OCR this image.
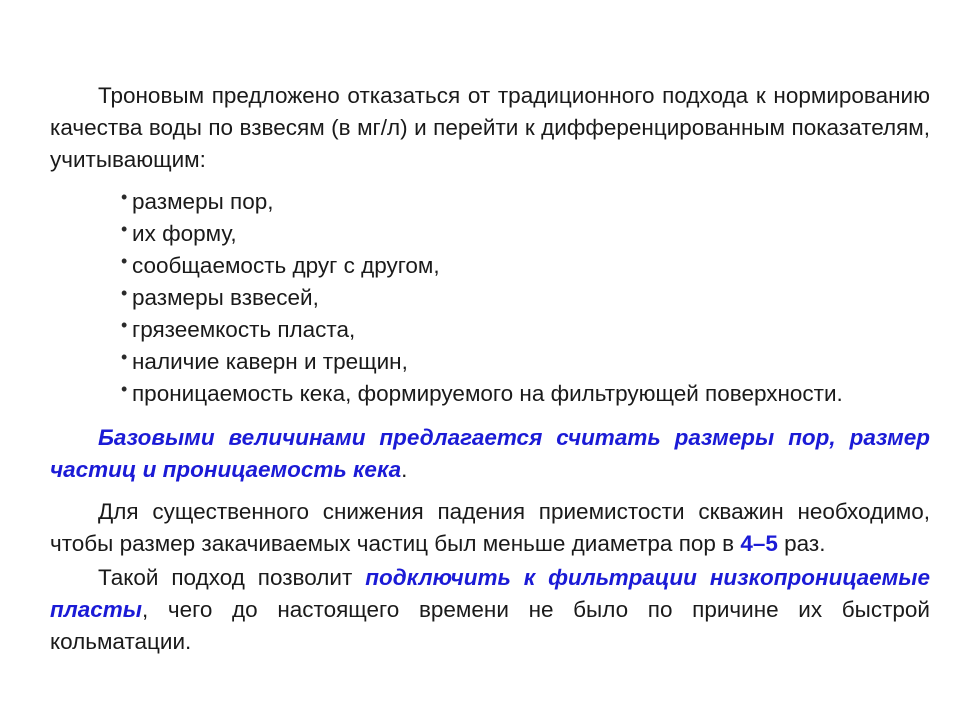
Троновым предложено отказаться от традиционного подхода к нормированию качества воды по взвесям (в мг/л) и перейти к дифференцированным показателям, учитывающим:

• размеры пор,
• их форму,
• сообщаемость друг с другом,
• размеры взвесей,
• грязеемкость пласта,
• наличие каверн и трещин,
• проницаемость кека, формируемого на фильтрующей поверхности.

Базовыми величинами предлагается считать размеры пор, размер частиц и проницаемость кека.

Для существенного снижения падения приемистости скважин необходимо, чтобы размер закачиваемых частиц был меньше диаметра пор в 4–5 раз.

Такой подход позволит подключить к фильтрации низкопроницаемые пласты, чего до настоящего времени не было по причине их быстрой кольматации.
